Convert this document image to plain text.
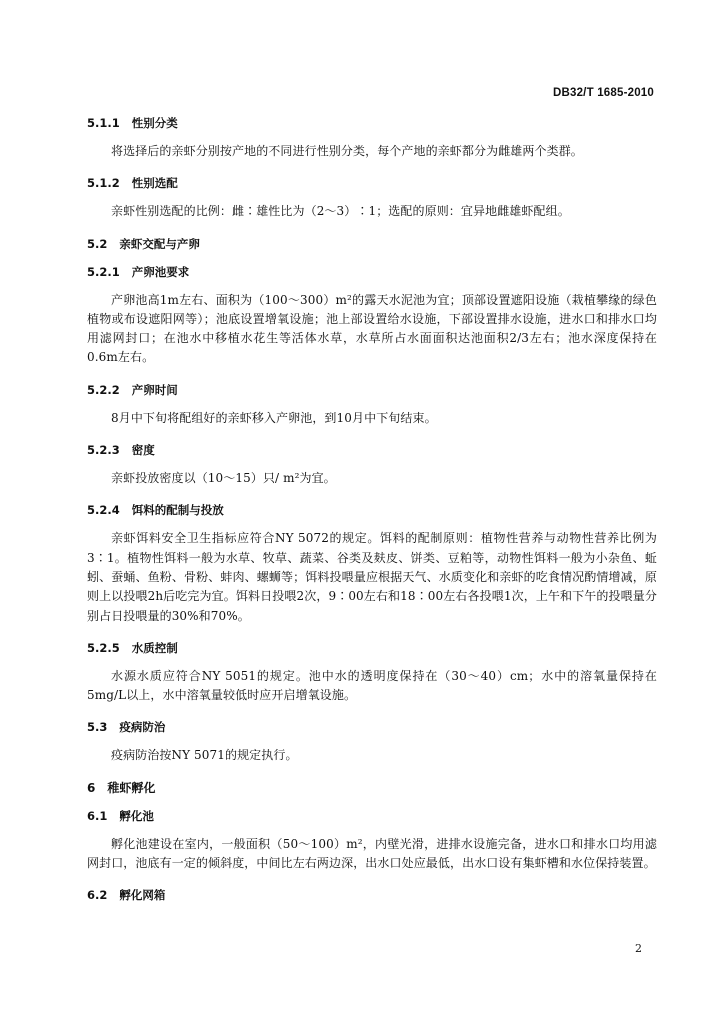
DB32/T 1685-2010
5.1.1 性别分类

将选择后的亲虾分别按产地的不同进行性别分类，每个产地的亲虾都分为雌雄两个类群。

5.1.2 性别选配

亲虾性别选配的比例：雌∶雄性比为（2～3）∶1；选配的原则：宜异地雌雄虾配组。

5.2 亲虾交配与产卵
5.2.1 产卵池要求

产卵池高1m左右、面积为（100～300）m²的露天水泥池为宜；顶部设置遮阳设施（栽植攀缘的绿色植物或布设遮阳网等）；池底设置增氧设施；池上部设置给水设施，下部设置排水设施，进水口和排水口均用滤网封口；在池水中移植水花生等活体水草，水草所占水面面积达池面积2/3左右；池水深度保持在0.6m左右。

5.2.2 产卵时间

8月中下旬将配组好的亲虾移入产卵池，到10月中下旬结束。

5.2.3 密度

亲虾投放密度以（10～15）只/ m²为宜。

5.2.4 饵料的配制与投放

亲虾饵料安全卫生指标应符合NY 5072的规定。饵料的配制原则：植物性营养与动物性营养比例为3∶1。植物性饵料一般为水草、牧草、蔬菜、谷类及麸皮、饼类、豆粕等，动物性饵料一般为小杂鱼、蚯蚓、蚕蛹、鱼粉、骨粉、蚌肉、螺蛳等；饵料投喂量应根据天气、水质变化和亲虾的吃食情况酌情增减，原则上以投喂2h后吃完为宜。饵料日投喂2次，9∶00左右和18∶00左右各投喂1次，上午和下午的投喂量分别占日投喂量的30%和70%。

5.2.5 水质控制

水源水质应符合NY 5051的规定。池中水的透明度保持在（30～40）cm；水中的溶氧量保持在5mg/L以上，水中溶氧量较低时应开启增氧设施。

5.3 疫病防治

疫病防治按NY 5071的规定执行。

6 稚虾孵化
6.1 孵化池

孵化池建设在室内，一般面积（50～100）m²，内壁光滑，进排水设施完备，进水口和排水口均用滤网封口，池底有一定的倾斜度，中间比左右两边深，出水口处应最低，出水口设有集虾槽和水位保持装置。

6.2 孵化网箱
2
